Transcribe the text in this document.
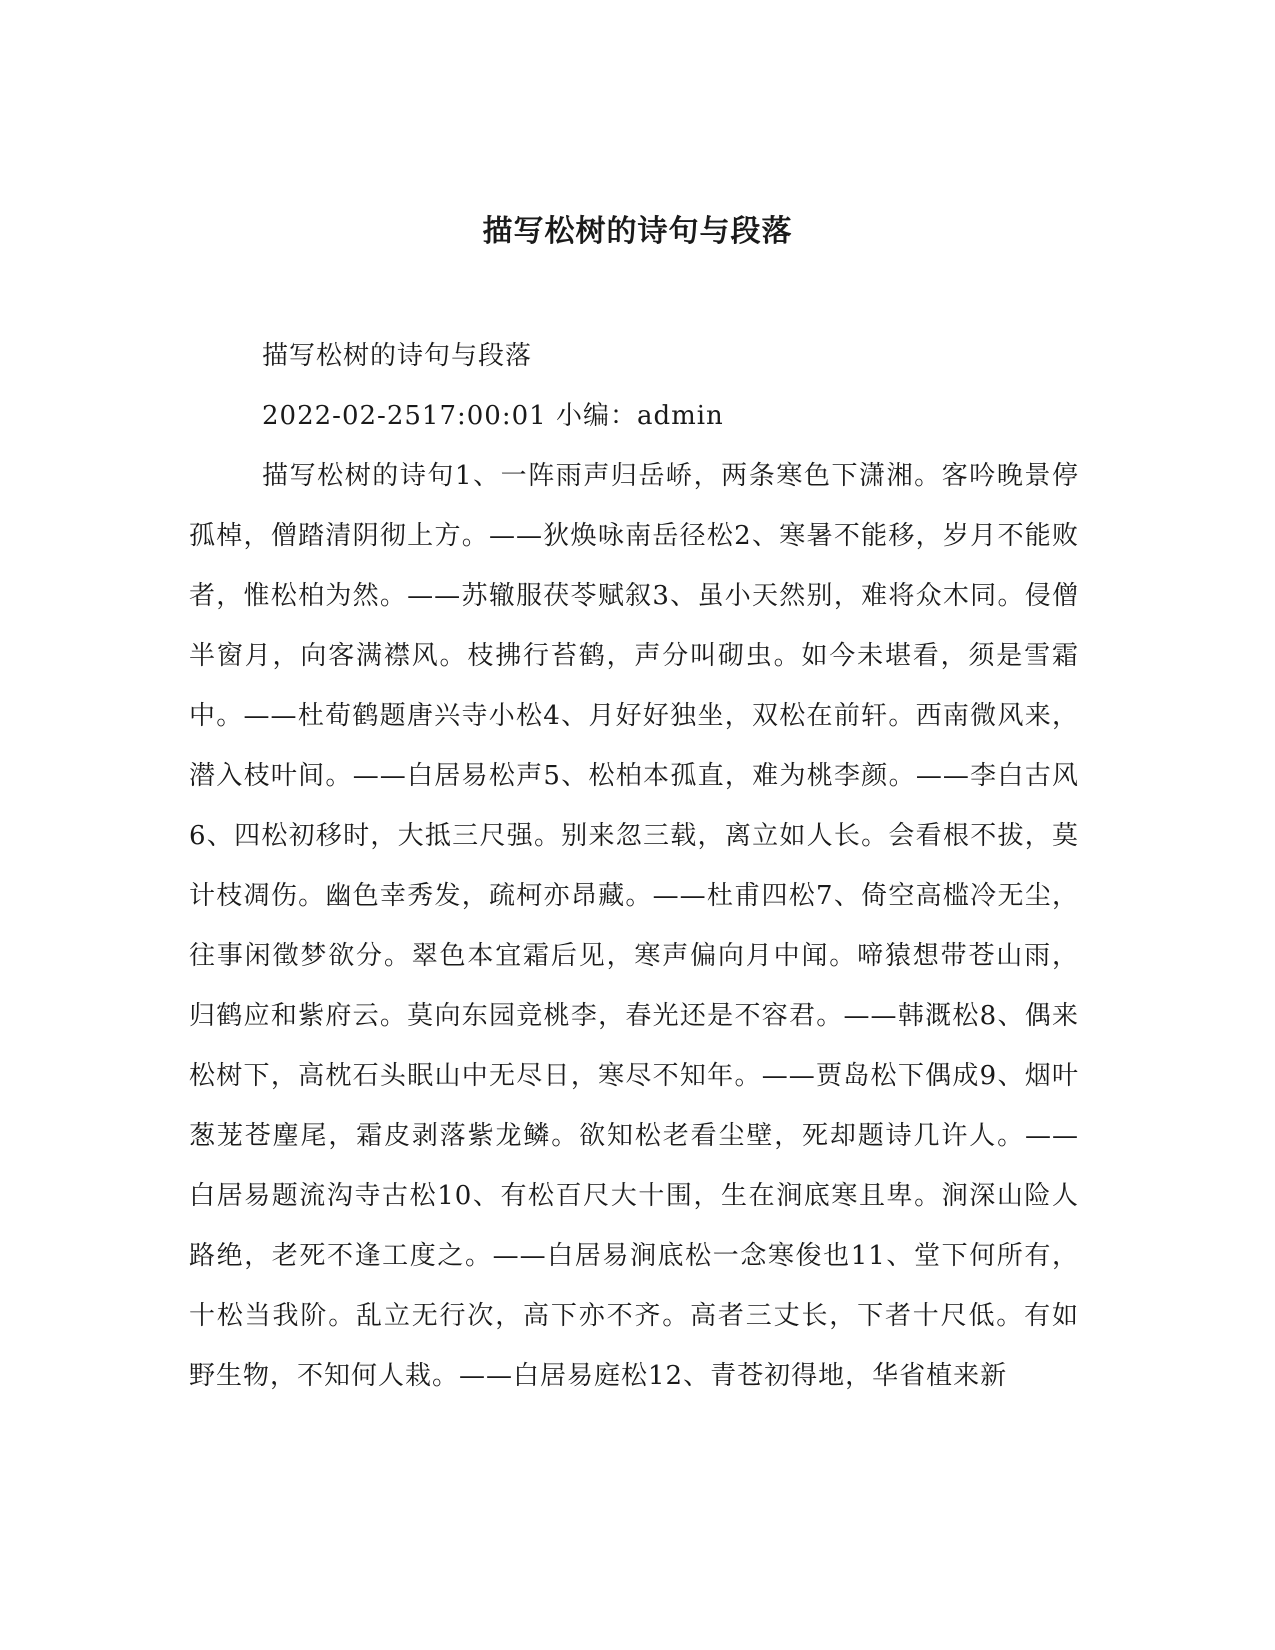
描写松树的诗句与段落
描写松树的诗句与段落
2022-02-2517:00:01 小编：admin
描写松树的诗句1、一阵雨声归岳峤，两条寒色下潇湘。客吟晚景停孤棹，僧踏清阴彻上方。——狄焕咏南岳径松2、寒暑不能移，岁月不能败者，惟松柏为然。——苏辙服茯苓赋叙3、虽小天然别，难将众木同。侵僧半窗月，向客满襟风。枝拂行苔鹤，声分叫砌虫。如今未堪看，须是雪霜中。——杜荀鹤题唐兴寺小松4、月好好独坐，双松在前轩。西南微风来，潜入枝叶间。——白居易松声5、松柏本孤直，难为桃李颜。——李白古风6、四松初移时，大抵三尺强。别来忽三载，离立如人长。会看根不拔，莫计枝凋伤。幽色幸秀发，疏柯亦昂藏。——杜甫四松7、倚空高槛冷无尘，往事闲徵梦欲分。翠色本宜霜后见，寒声偏向月中闻。啼猿想带苍山雨，归鹤应和紫府云。莫向东园竞桃李，春光还是不容君。——韩溉松8、偶来松树下，高枕石头眠山中无尽日，寒尽不知年。——贾岛松下偶成9、烟叶葱茏苍麈尾，霜皮剥落紫龙鳞。欲知松老看尘壁，死却题诗几许人。——白居易题流沟寺古松10、有松百尺大十围，生在涧底寒且卑。涧深山险人路绝，老死不逢工度之。——白居易涧底松一念寒俊也11、堂下何所有，十松当我阶。乱立无行次，高下亦不齐。高者三丈长，下者十尺低。有如野生物，不知何人栽。——白居易庭松12、青苍初得地，华省植来新
